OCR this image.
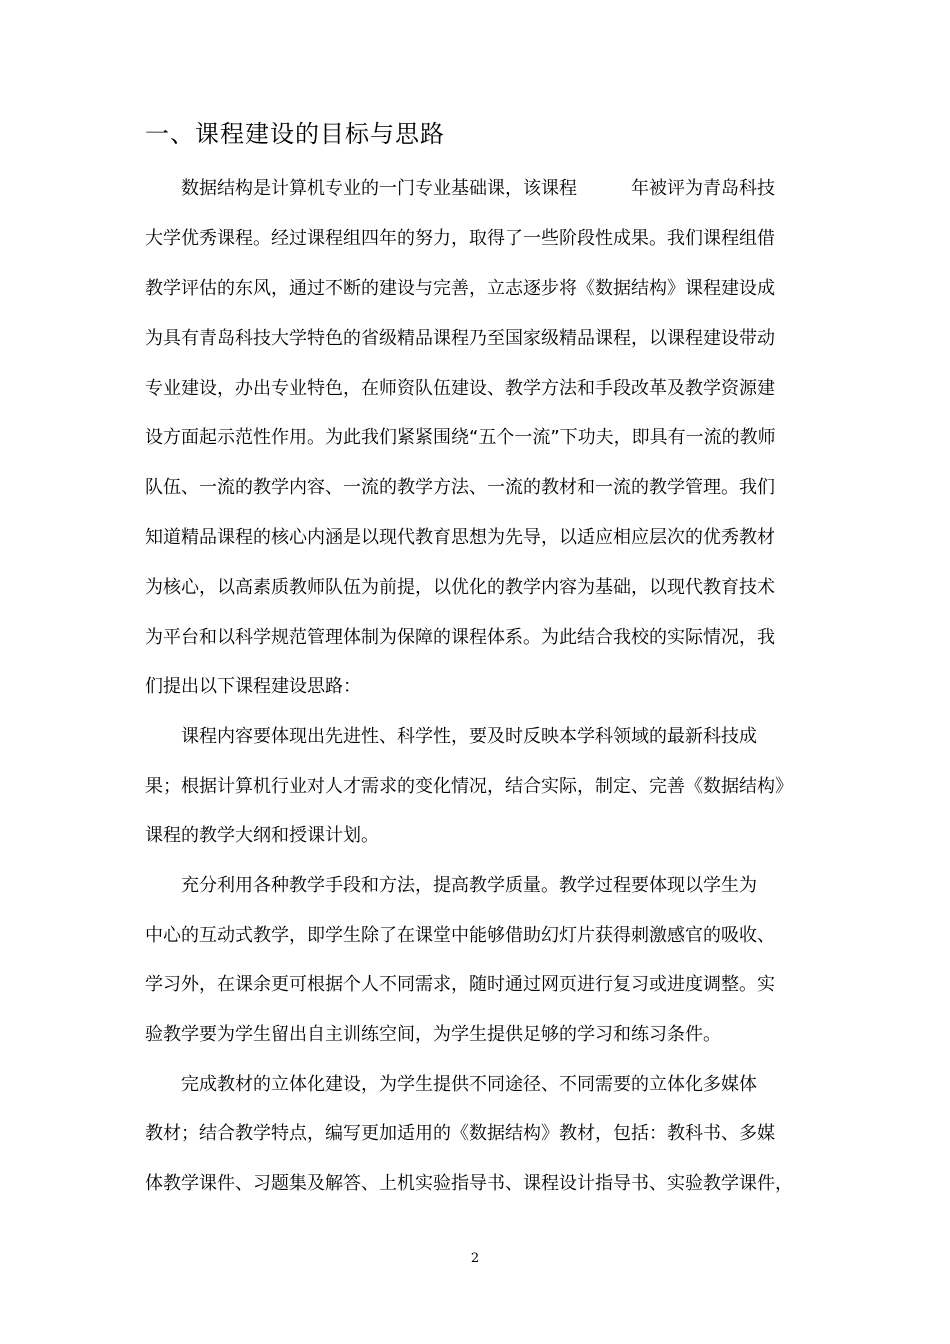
一、课程建设的目标与思路
数据结构是计算机专业的一门专业基础课，该课程	年被评为青岛科技
大学优秀课程。经过课程组四年的努力，取得了一些阶段性成果。我们课程组借
教学评估的东风，通过不断的建设与完善，立志逐步将《数据结构》课程建设成
为具有青岛科技大学特色的省级精品课程乃至国家级精品课程，以课程建设带动
专业建设，办出专业特色，在师资队伍建设、教学方法和手段改革及教学资源建
设方面起示范性作用。为此我们紧紧围绕“五个一流”下功夫，即具有一流的教师
队伍、一流的教学内容、一流的教学方法、一流的教材和一流的教学管理。我们
知道精品课程的核心内涵是以现代教育思想为先导，以适应相应层次的优秀教材
为核心，以高素质教师队伍为前提，以优化的教学内容为基础，以现代教育技术
为平台和以科学规范管理体制为保障的课程体系。为此结合我校的实际情况，我
们提出以下课程建设思路：
课程内容要体现出先进性、科学性，要及时反映本学科领域的最新科技成
果；根据计算机行业对人才需求的变化情况，结合实际，制定、完善《数据结构》
课程的教学大纲和授课计划。
充分利用各种教学手段和方法，提高教学质量。教学过程要体现以学生为
中心的互动式教学，即学生除了在课堂中能够借助幻灯片获得刺激感官的吸收、
学习外，在课余更可根据个人不同需求，随时通过网页进行复习或进度调整。实
验教学要为学生留出自主训练空间，为学生提供足够的学习和练习条件。
完成教材的立体化建设，为学生提供不同途径、不同需要的立体化多媒体
教材；结合教学特点，编写更加适用的《数据结构》教材，包括：教科书、多媒
体教学课件、习题集及解答、上机实验指导书、课程设计指导书、实验教学课件，
2
